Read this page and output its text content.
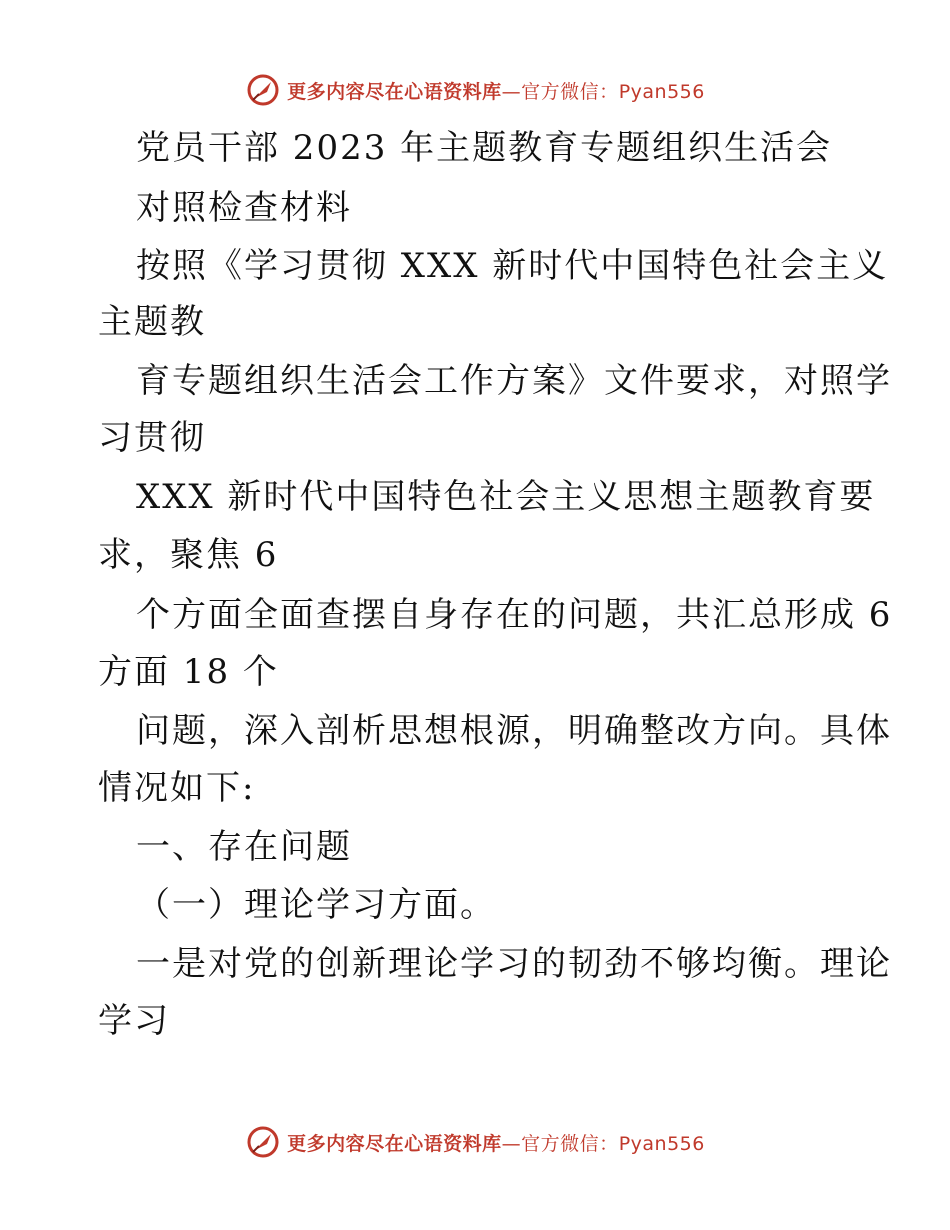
更多内容尽在心语资料库—官方微信：Pyan556
党员干部 2023 年主题教育专题组织生活会
对照检查材料
按照《学习贯彻 XXX 新时代中国特色社会主义
主题教
育专题组织生活会工作方案》文件要求，对照学
习贯彻
XXX 新时代中国特色社会主义思想主题教育要
求，聚焦 6
个方面全面查摆自身存在的问题，共汇总形成 6
方面 18 个
问题，深入剖析思想根源，明确整改方向。具体
情况如下:
一、存在问题
（一）理论学习方面。
一是对党的创新理论学习的韧劲不够均衡。理论
学习
更多内容尽在心语资料库—官方微信：Pyan556
